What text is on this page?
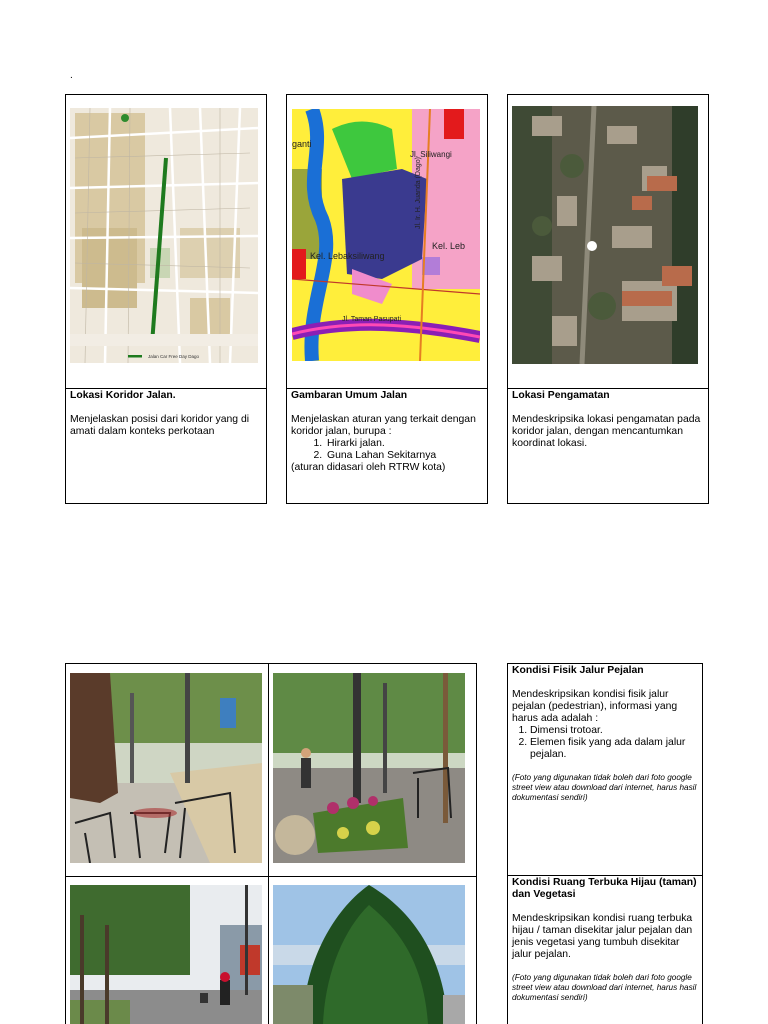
.
Jalan Car Free Day Dago
Jl. Siliwangi
Kel. Lebaksiliwang
Kel. Leb
Jl. Taman Pasupati
ganti
Jl. Ir. H. Juanda (Dago)
Lokasi Koridor Jalan.
Menjelaskan posisi dari koridor yang di amati dalam konteks perkotaan
Gambaran Umum Jalan
Menjelaskan aturan yang terkait dengan koridor jalan, burupa :
1. Hirarki jalan.
2. Guna Lahan Sekitarnya
(aturan didasari oleh RTRW kota)
Lokasi Pengamatan
Mendeskripsika lokasi pengamatan pada koridor jalan, dengan mencantumkan koordinat lokasi.
Kondisi Fisik Jalur Pejalan
Mendeskripsikan kondisi fisik jalur pejalan (pedestrian), informasi yang harus ada adalah :
1. Dimensi trotoar.
2. Elemen fisik yang ada dalam jalur pejalan.
(Foto yang digunakan tidak boleh dari foto google street view atau download dari internet, harus hasil dokumentasi sendiri)
Kondisi Ruang Terbuka Hijau (taman) dan Vegetasi
Mendeskripsikan kondisi ruang terbuka hijau / taman disekitar jalur pejalan dan jenis vegetasi yang tumbuh disekitar jalur pejalan.
(Foto yang digunakan tidak boleh dari foto google street view atau download dari internet, harus hasil dokumentasi sendiri)
